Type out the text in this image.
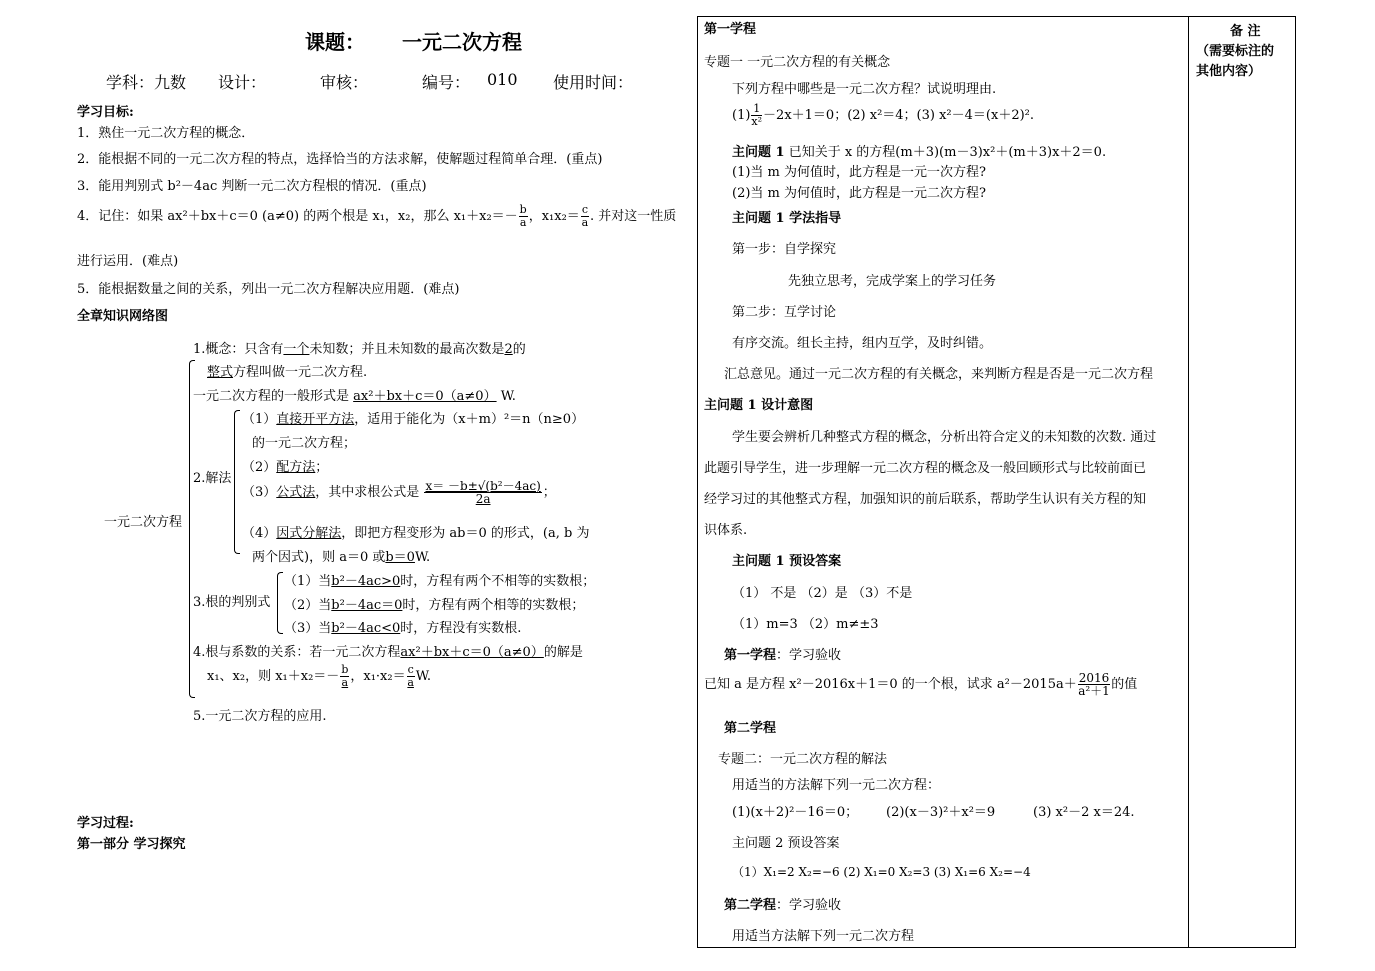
课题： 一元二次方程
学科：九数 设计：	审核：	编号： 010 使用时间：
学习目标:
1．熟住一元二次方程的概念．
2．能根据不同的一元二次方程的特点，选择恰当的方法求解，使解题过程简单合理．(重点)
3．能用判别式 b²－4ac 判断一元二次方程根的情况．(重点)
4．记住：如果 ax²＋bx＋c＝0 (a≠0) 的两个根是 x₁，x₂，那么 $x_1+x_2=- \frac{b}{a}$ ，$x_1x_2= \frac{c}{a}$ . 并对这一性质
进行运用．(难点)
5．能根据数量之间的关系，列出一元二次方程解决应用题．(难点)
全章知识网络图
一元二次方程
1.概念：只含有一个未知数；并且未知数的最高次数是2的
整式方程叫做一元二次方程.
一元二次方程的一般形式是 ax²＋bx＋c＝0（a≠0） W.
2.解法
（1）直接开平方法，适用于能化为（x＋m）²＝n（n≥0）
的一元二次方程；
（2）配方法；
（3）公式法，其中求根公式是 $\frac{\text{x＝ －b±√(b²－4ac)}}{2a}$ ；
（4）因式分解法，即把方程变形为 ab＝0 的形式，(a, b 为
两个因式)，则 a＝0 或b＝0W.
3.根的判别式
（1）当b²－4ac>0时，方程有两个不相等的实数根；
（2）当b²－4ac＝0时，方程有两个相等的实数根；
（3）当b²－4ac<0时，方程没有实数根.
4.根与系数的关系：若一元二次方程ax²＋bx＋c＝0（a≠0）的解是
x₁、x₂，则 $x_1+x_2=- \frac{b}{a}$ ，$x_1\cdot x_2= \frac{c}{a} W$.
5.一元二次方程的应用.
学习过程:
第一部分 学习探究
第一学程
专题一 一元二次方程的有关概念
下列方程中哪些是一元二次方程？试说明理由.
$(1) \frac{1}{\text{x²}} -2x+1=0$；(2) x²＝4；(3) x²－4＝(x＋2)².
主问题 1 已知关于 x 的方程(m＋3)(m－3)x²＋(m＋3)x＋2＝0.
(1)当 m 为何值时，此方程是一元一次方程?
(2)当 m 为何值时，此方程是一元二次方程?
主问题 1 学法指导
第一步：自学探究
先独立思考，完成学案上的学习任务
第二步：互学讨论
有序交流。组长主持，组内互学，及时纠错。
汇总意见。通过一元二次方程的有关概念，来判断方程是否是一元二次方程
主问题 1 设计意图
学生要会辨析几种整式方程的概念，分析出符合定义的未知数的次数. 通过
此题引导学生，进一步理解一元二次方程的概念及一般回顾形式与比较前面已
经学习过的其他整式方程，加强知识的前后联系，帮助学生认识有关方程的知
识体系.
主问题 1 预设答案
（1） 不是 （2）是 （3）不是
（1）m=3 （2）m≠±3
第一学程：学习验收
已知 a 是方程 x²－2016x＋1＝0 的一个根，试求 $a^2-2015a+ \frac{2016}{\text{a²＋1}}$ 的值
第二学程
专题二：一元二次方程的解法
用适当的方法解下列一元二次方程：
(1)(x＋2)²－16＝0； (2)(x－3)²＋x²＝9	(3) x²－2 x＝24.
主问题 2 预设答案
（1）X₁=2 X₂=−6 (2) X₁=0 X₂=3 (3) X₁=6 X₂=−4
第二学程：学习验收
用适当方法解下列一元二次方程
备 注
（需要标注的
其他内容）
